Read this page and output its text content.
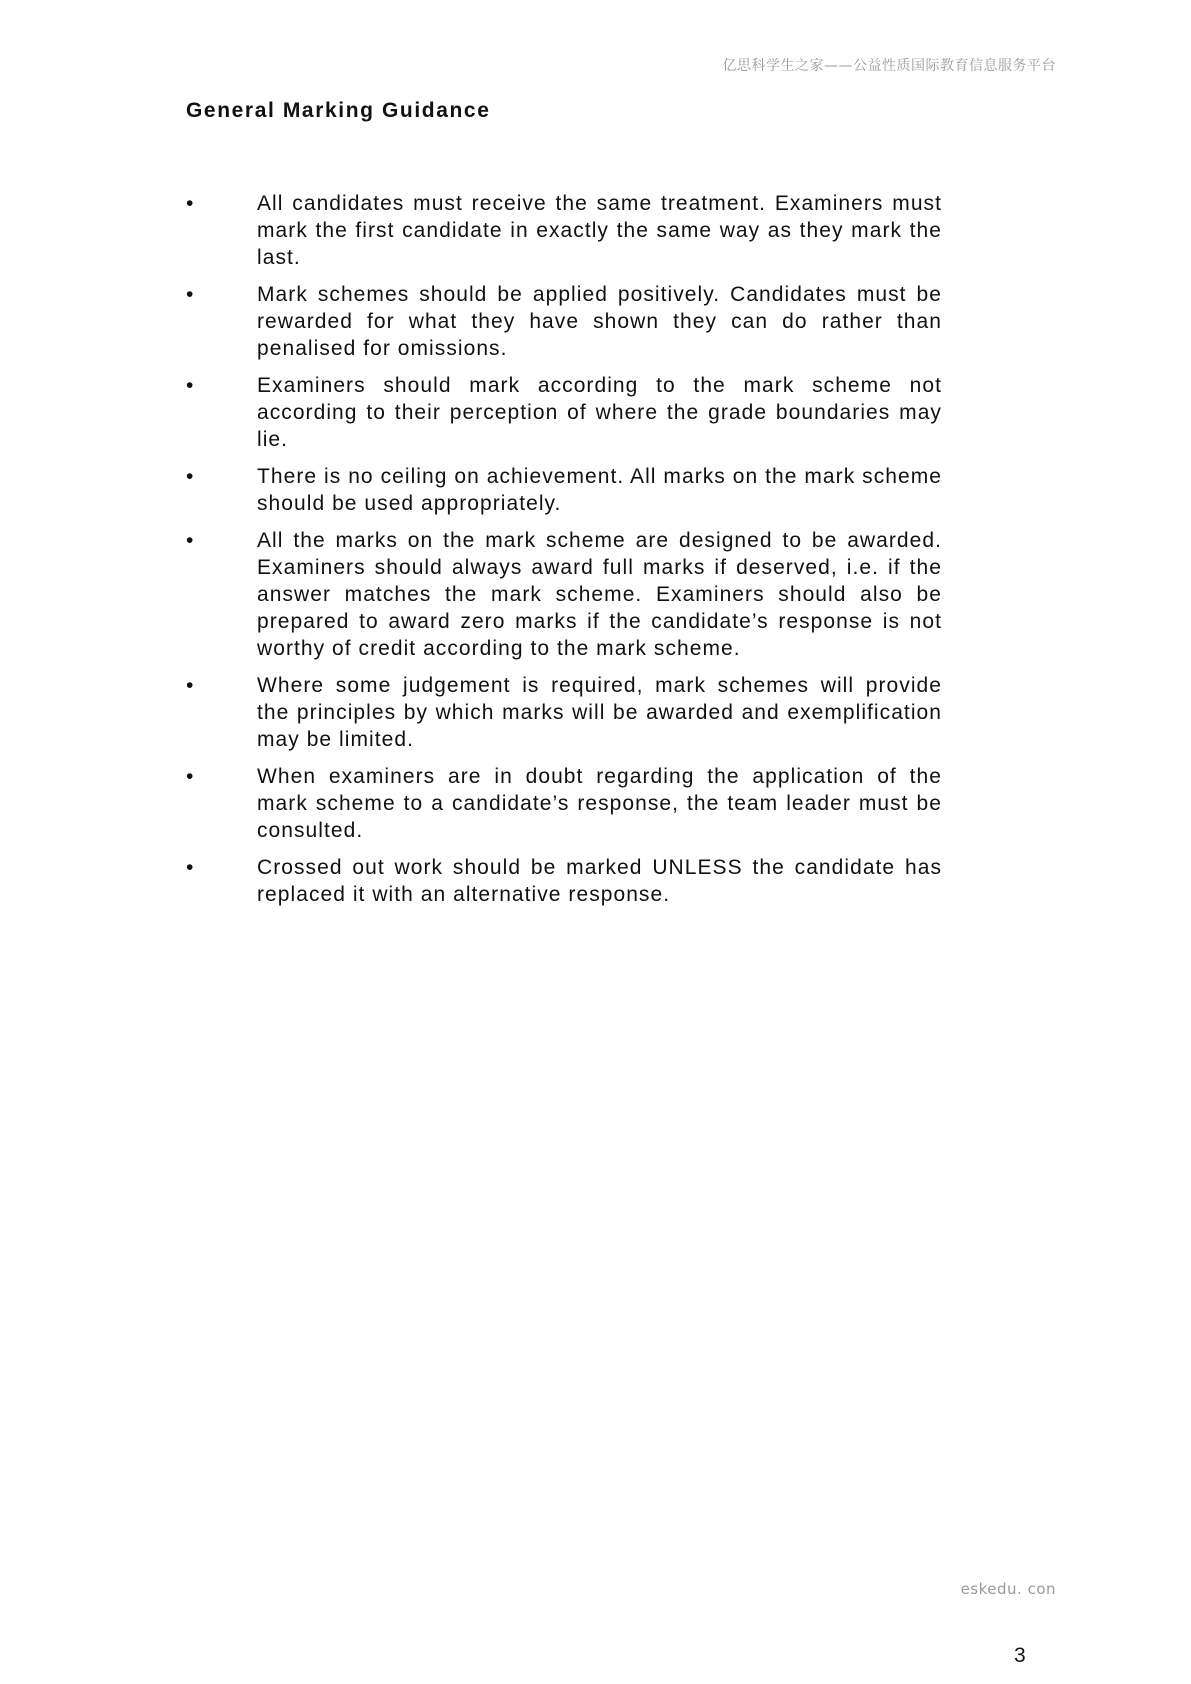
亿思科学生之家——公益性质国际教育信息服务平台
General Marking Guidance
•	All candidates must receive the same treatment. Examiners must mark the first candidate in exactly the same way as they mark the last.
•	Mark schemes should be applied positively. Candidates must be rewarded for what they have shown they can do rather than penalised for omissions.
•	Examiners should mark according to the mark scheme not according to their perception of where the grade boundaries may lie.
•	There is no ceiling on achievement. All marks on the mark scheme should be used appropriately.
•	All the marks on the mark scheme are designed to be awarded. Examiners should always award full marks if deserved, i.e. if the answer matches the mark scheme. Examiners should also be prepared to award zero marks if the candidate’s response is not worthy of credit according to the mark scheme.
•	Where some judgement is required, mark schemes will provide the principles by which marks will be awarded and exemplification may be limited.
•	When examiners are in doubt regarding the application of the mark scheme to a candidate’s response, the team leader must be consulted.
•	Crossed out work should be marked UNLESS the candidate has replaced it with an alternative response.
eskedu. con
3
